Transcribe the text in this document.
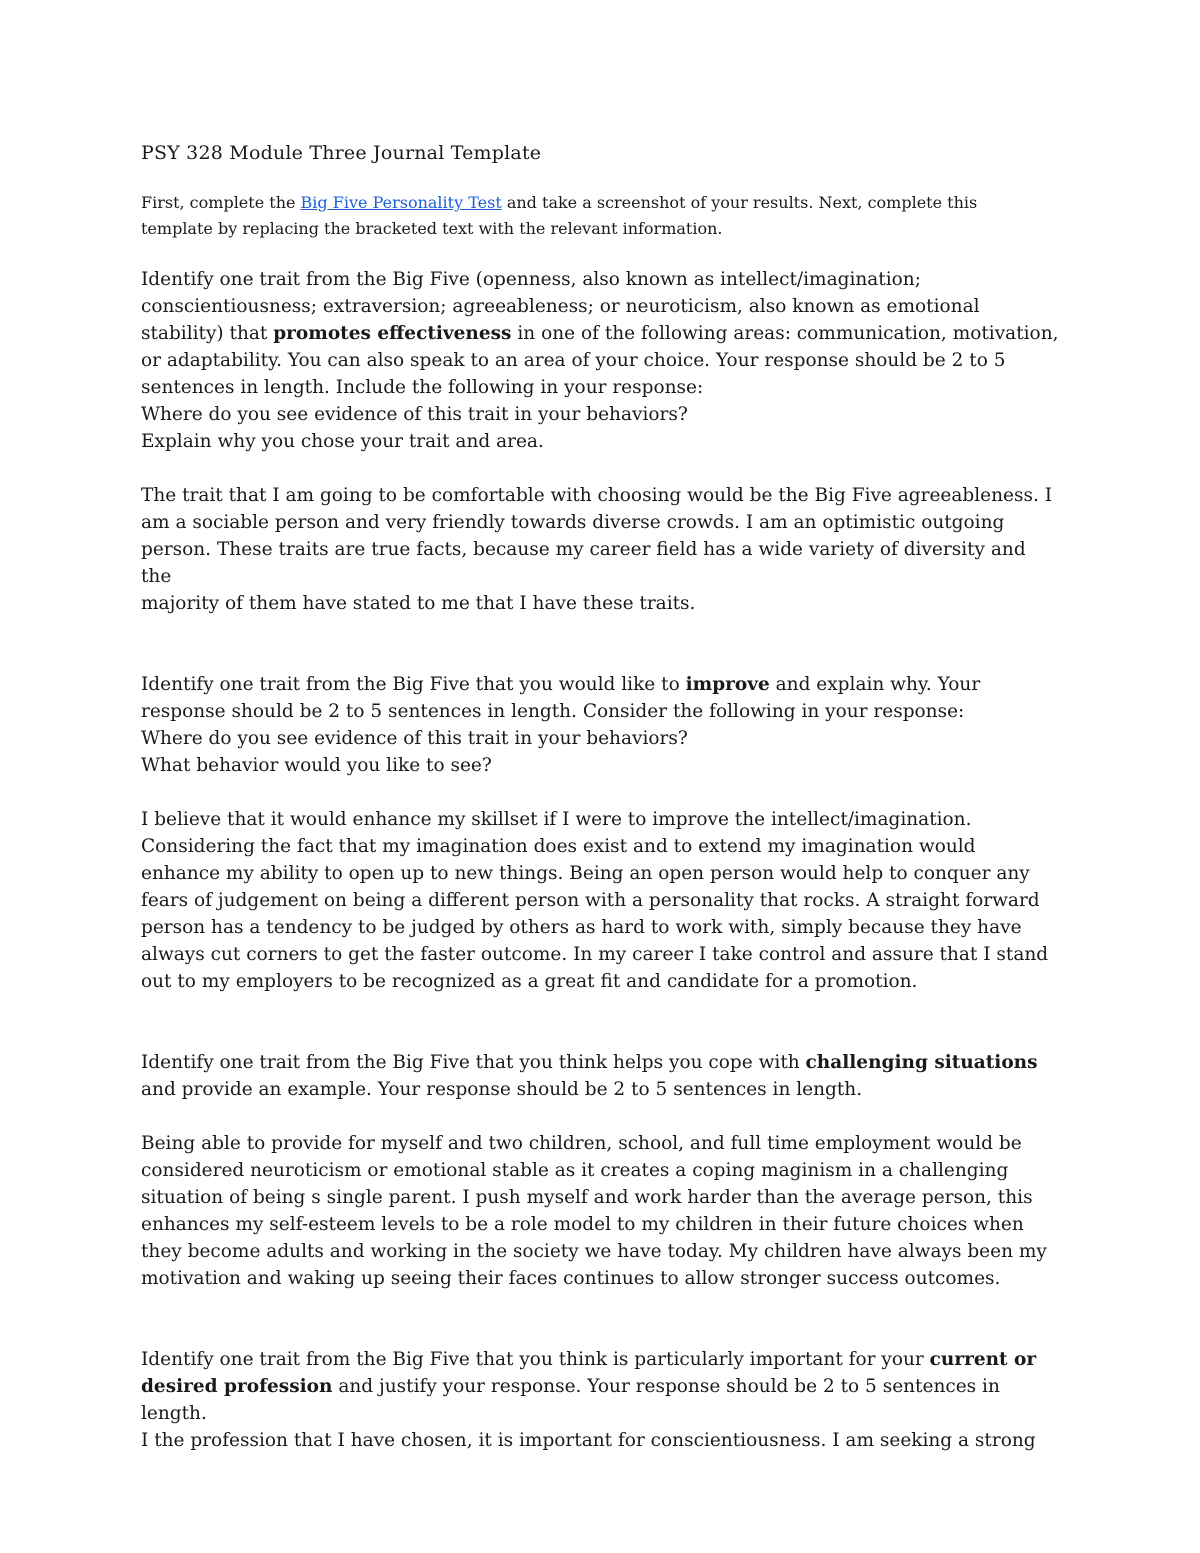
PSY 328 Module Three Journal Template
First, complete the Big Five Personality Test and take a screenshot of your results. Next, complete this
template by replacing the bracketed text with the relevant information.

Identify one trait from the Big Five (openness, also known as intellect/imagination;

conscientiousness; extraversion; agreeableness; or neuroticism, also known as emotional

stability) that promotes effectiveness in one of the following areas: communication, motivation,

or adaptability. You can also speak to an area of your choice. Your response should be 2 to 5

sentences in length. Include the following in your response:

Where do you see evidence of this trait in your behaviors?

Explain why you chose your trait and area.

The trait that I am going to be comfortable with choosing would be the Big Five agreeableness. I

am a sociable person and very friendly towards diverse crowds. I am an optimistic outgoing

person. These traits are true facts, because my career field has a wide variety of diversity and the

majority of them have stated to me that I have these traits.

Identify one trait from the Big Five that you would like to improve and explain why. Your

response should be 2 to 5 sentences in length. Consider the following in your response:

Where do you see evidence of this trait in your behaviors?

What behavior would you like to see?

I believe that it would enhance my skillset if I were to improve the intellect/imagination.

Considering the fact that my imagination does exist and to extend my imagination would

enhance my ability to open up to new things. Being an open person would help to conquer any

fears of judgement on being a different person with a personality that rocks. A straight forward

person has a tendency to be judged by others as hard to work with, simply because they have

always cut corners to get the faster outcome. In my career I take control and assure that I stand

out to my employers to be recognized as a great fit and candidate for a promotion.

Identify one trait from the Big Five that you think helps you cope with challenging situations

and provide an example. Your response should be 2 to 5 sentences in length.

Being able to provide for myself and two children, school, and full time employment would be

considered neuroticism or emotional stable as it creates a coping maginism in a challenging

situation of being s single parent. I push myself and work harder than the average person, this

enhances my self-esteem levels to be a role model to my children in their future choices when

they become adults and working in the society we have today. My children have always been my

motivation and waking up seeing their faces continues to allow stronger success outcomes.

Identify one trait from the Big Five that you think is particularly important for your current or

desired profession and justify your response. Your response should be 2 to 5 sentences in length.

I the profession that I have chosen, it is important for conscientiousness. I am seeking a strong
